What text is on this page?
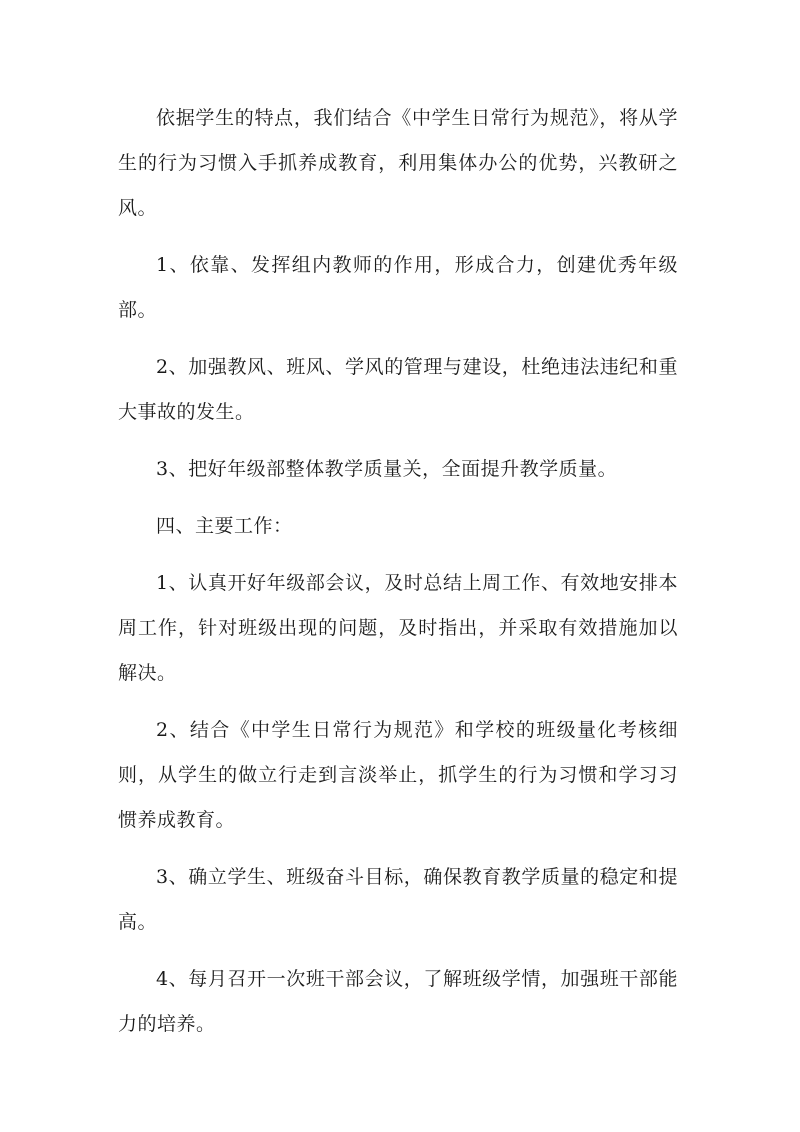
依据学生的特点，我们结合《中学生日常行为规范》，将从学生的行为习惯入手抓养成教育，利用集体办公的优势，兴教研之风。

1、依靠、发挥组内教师的作用，形成合力，创建优秀年级部。

2、加强教风、班风、学风的管理与建设，杜绝违法违纪和重大事故的发生。

3、把好年级部整体教学质量关，全面提升教学质量。

四、主要工作：

1、认真开好年级部会议，及时总结上周工作、有效地安排本周工作，针对班级出现的问题，及时指出，并采取有效措施加以解决。

2、结合《中学生日常行为规范》和学校的班级量化考核细则，从学生的做立行走到言淡举止，抓学生的行为习惯和学习习惯养成教育。

3、确立学生、班级奋斗目标，确保教育教学质量的稳定和提高。

4、每月召开一次班干部会议，了解班级学情，加强班干部能力的培养。
